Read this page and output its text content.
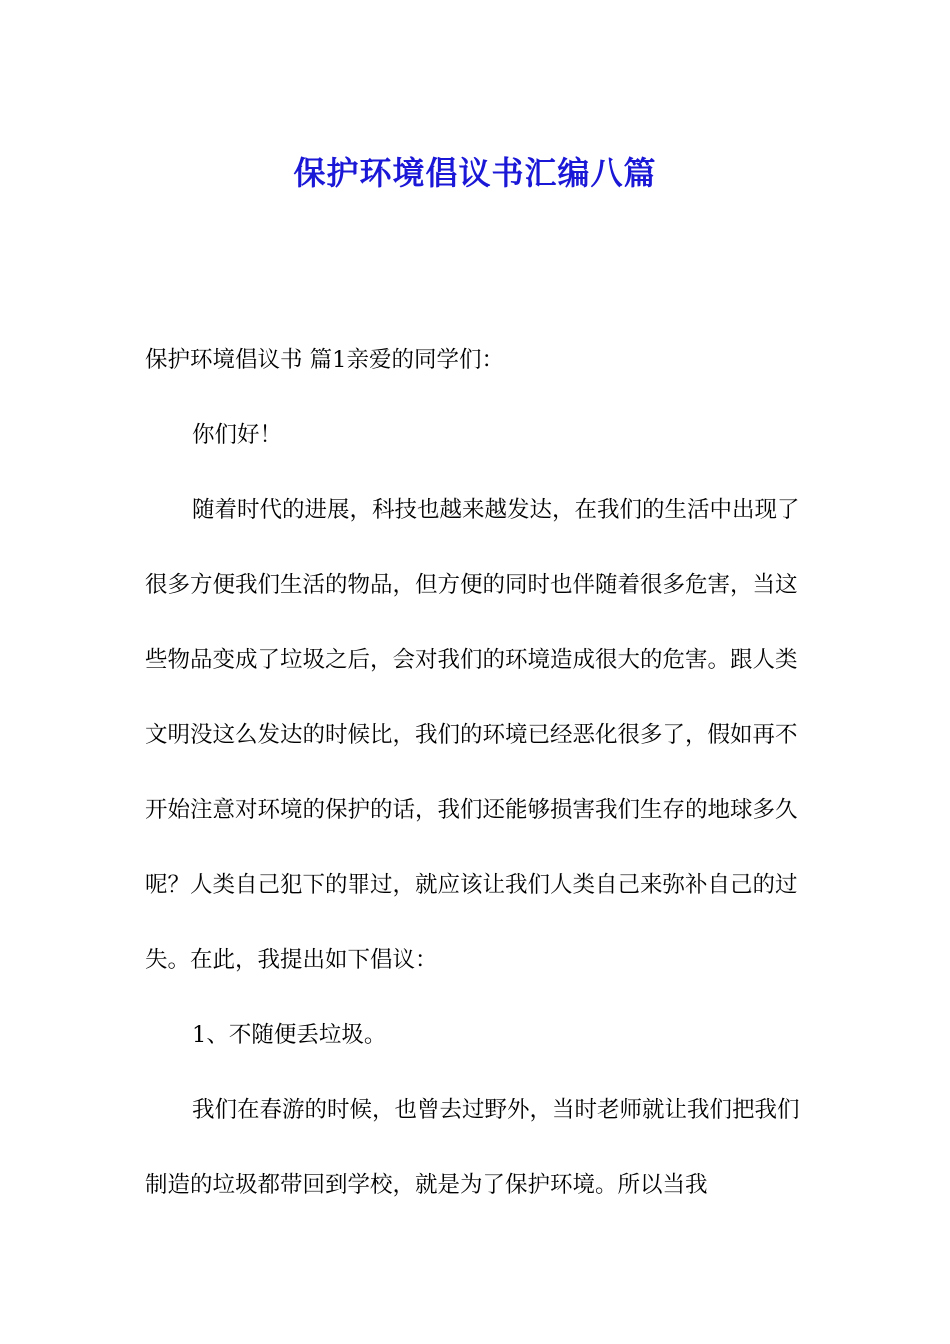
保护环境倡议书汇编八篇

保护环境倡议书 篇1亲爱的同学们：

你们好！

随着时代的进展，科技也越来越发达，在我们的生活中出现了很多方便我们生活的物品，但方便的同时也伴随着很多危害，当这些物品变成了垃圾之后，会对我们的环境造成很大的危害。跟人类文明没这么发达的时候比，我们的环境已经恶化很多了，假如再不开始注意对环境的保护的话，我们还能够损害我们生存的地球多久呢？人类自己犯下的罪过，就应该让我们人类自己来弥补自己的过失。在此，我提出如下倡议：

1、不随便丢垃圾。

我们在春游的时候，也曾去过野外，当时老师就让我们把我们制造的垃圾都带回到学校，就是为了保护环境。所以当我
